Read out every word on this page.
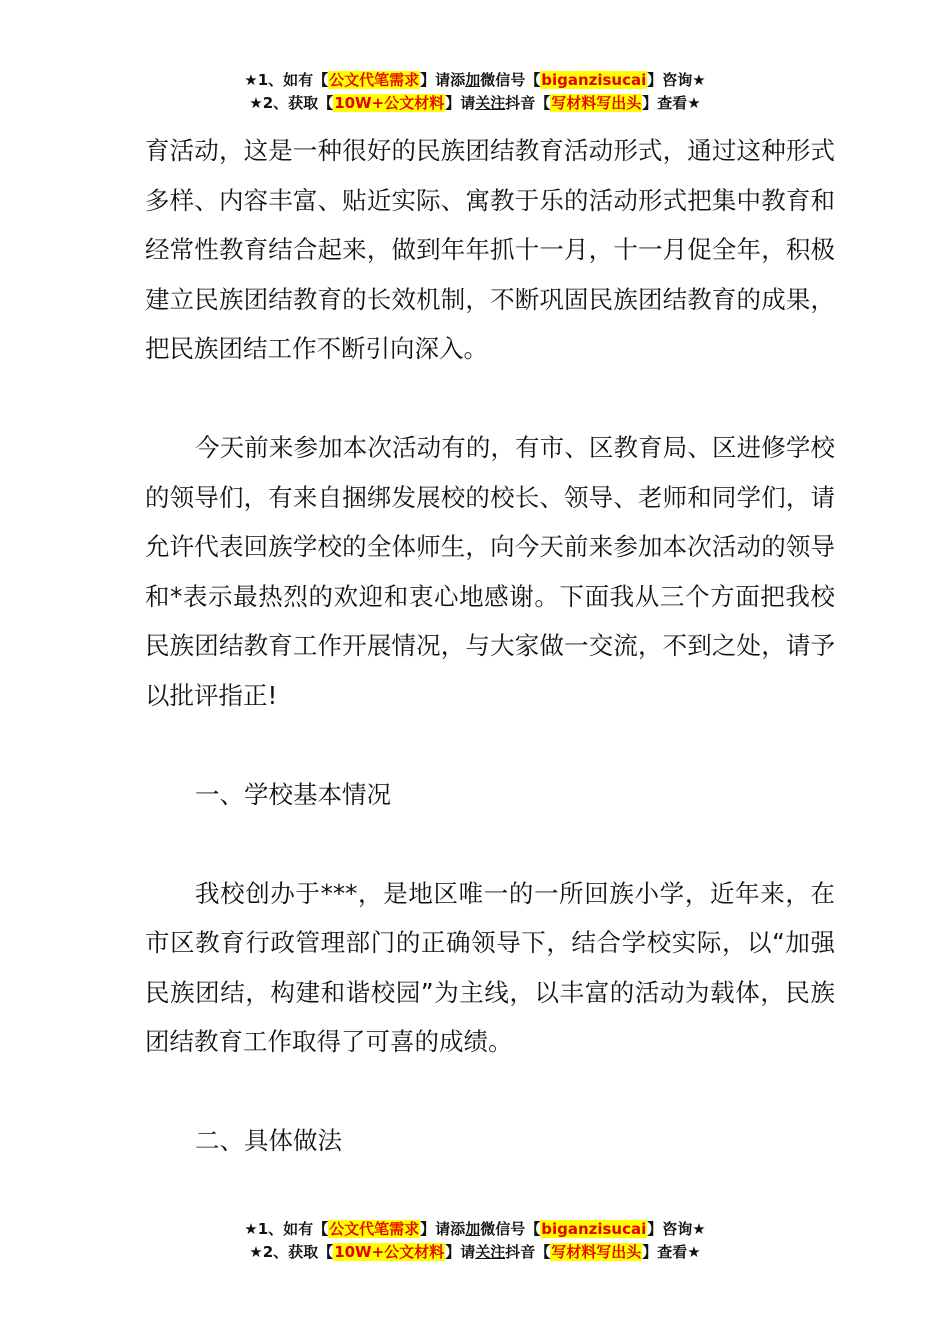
★1、如有【公文代笔需求】请添加微信号【biganzisucai】咨询★
★2、获取【10W+公文材料】请关注抖音【写材料写出头】查看★

育活动，这是一种很好的民族团结教育活动形式，通过这种形式多样、内容丰富、贴近实际、寓教于乐的活动形式把集中教育和经常性教育结合起来，做到年年抓十一月，十一月促全年，积极建立民族团结教育的长效机制，不断巩固民族团结教育的成果，把民族团结工作不断引向深入。

今天前来参加本次活动有的，有市、区教育局、区进修学校的领导们，有来自捆绑发展校的校长、领导、老师和同学们，请允许代表回族学校的全体师生，向今天前来参加本次活动的领导和*表示最热烈的欢迎和衷心地感谢。下面我从三个方面把我校民族团结教育工作开展情况，与大家做一交流，不到之处，请予以批评指正!

一、学校基本情况

我校创办于***，是地区唯一的一所回族小学，近年来，在市区教育行政管理部门的正确领导下，结合学校实际，以“加强民族团结，构建和谐校园”为主线，以丰富的活动为载体，民族团结教育工作取得了可喜的成绩。

二、具体做法

★1、如有【公文代笔需求】请添加微信号【biganzisucai】咨询★
★2、获取【10W+公文材料】请关注抖音【写材料写出头】查看★
